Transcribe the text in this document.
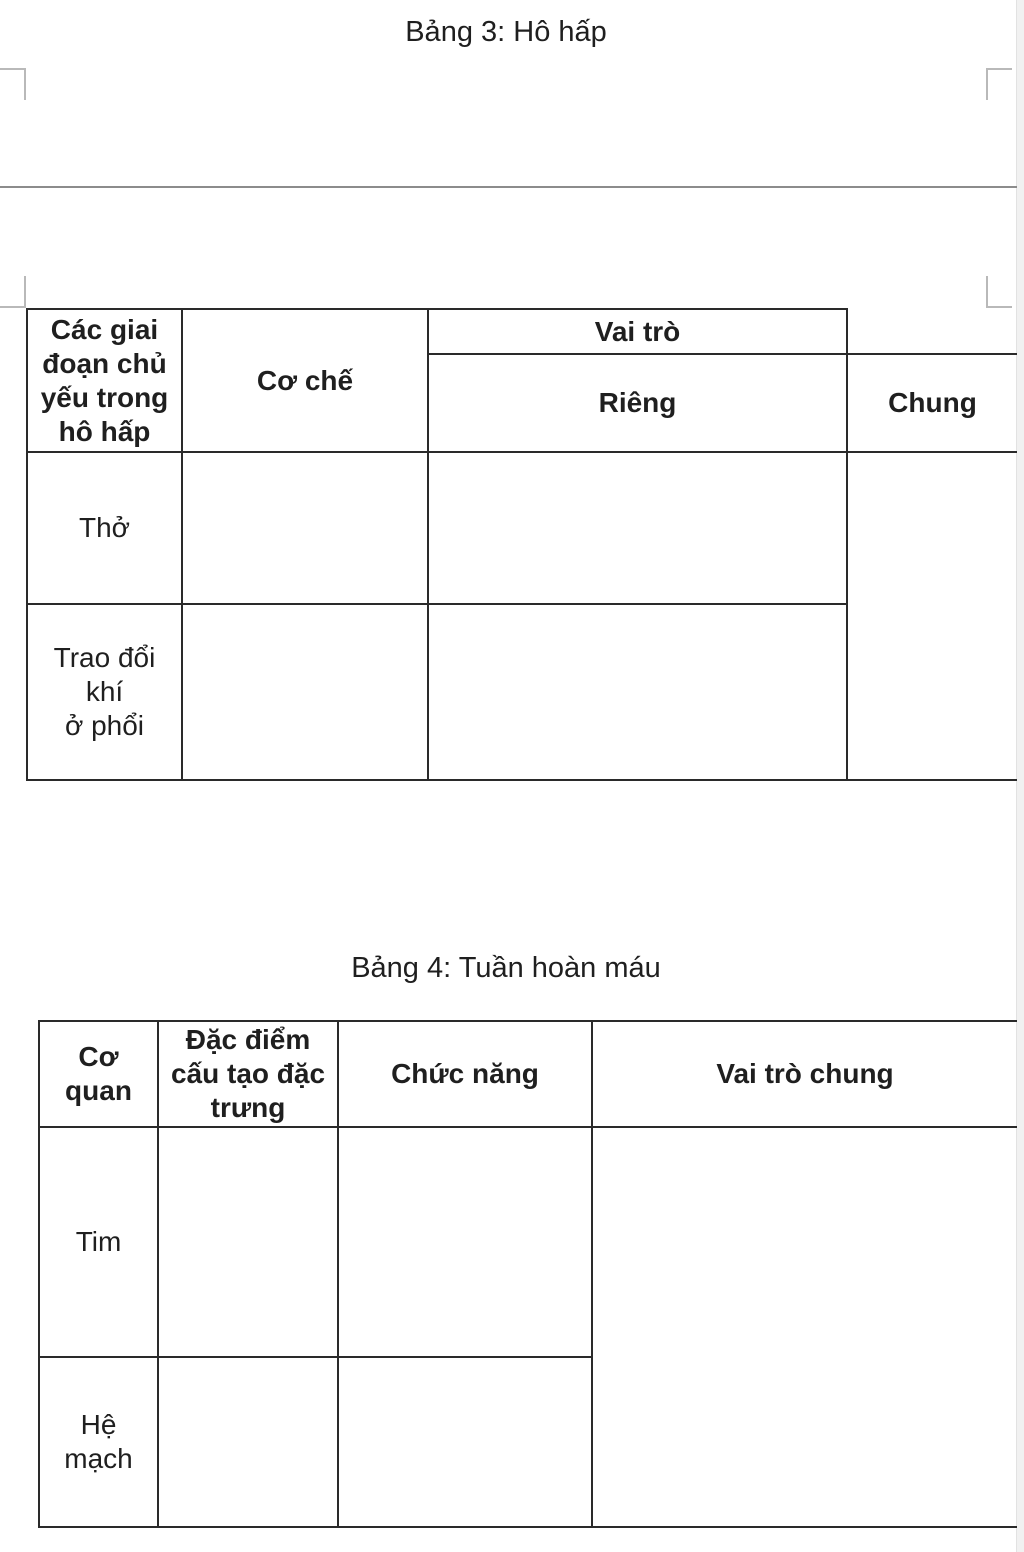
Bảng 3: Hô hấp
Các giai
đoạn chủ
yếu trong
hô hấp
Cơ chế
Vai trò
Riêng	Chung
Thở
Trao đổi
khí
ở phổi
Bảng 4: Tuần hoàn máu
Cơ
quan
Đặc điểm
cấu tạo đặc
trưng
Chức năng	Vai trò chung
Tim
Hệ
mạch
